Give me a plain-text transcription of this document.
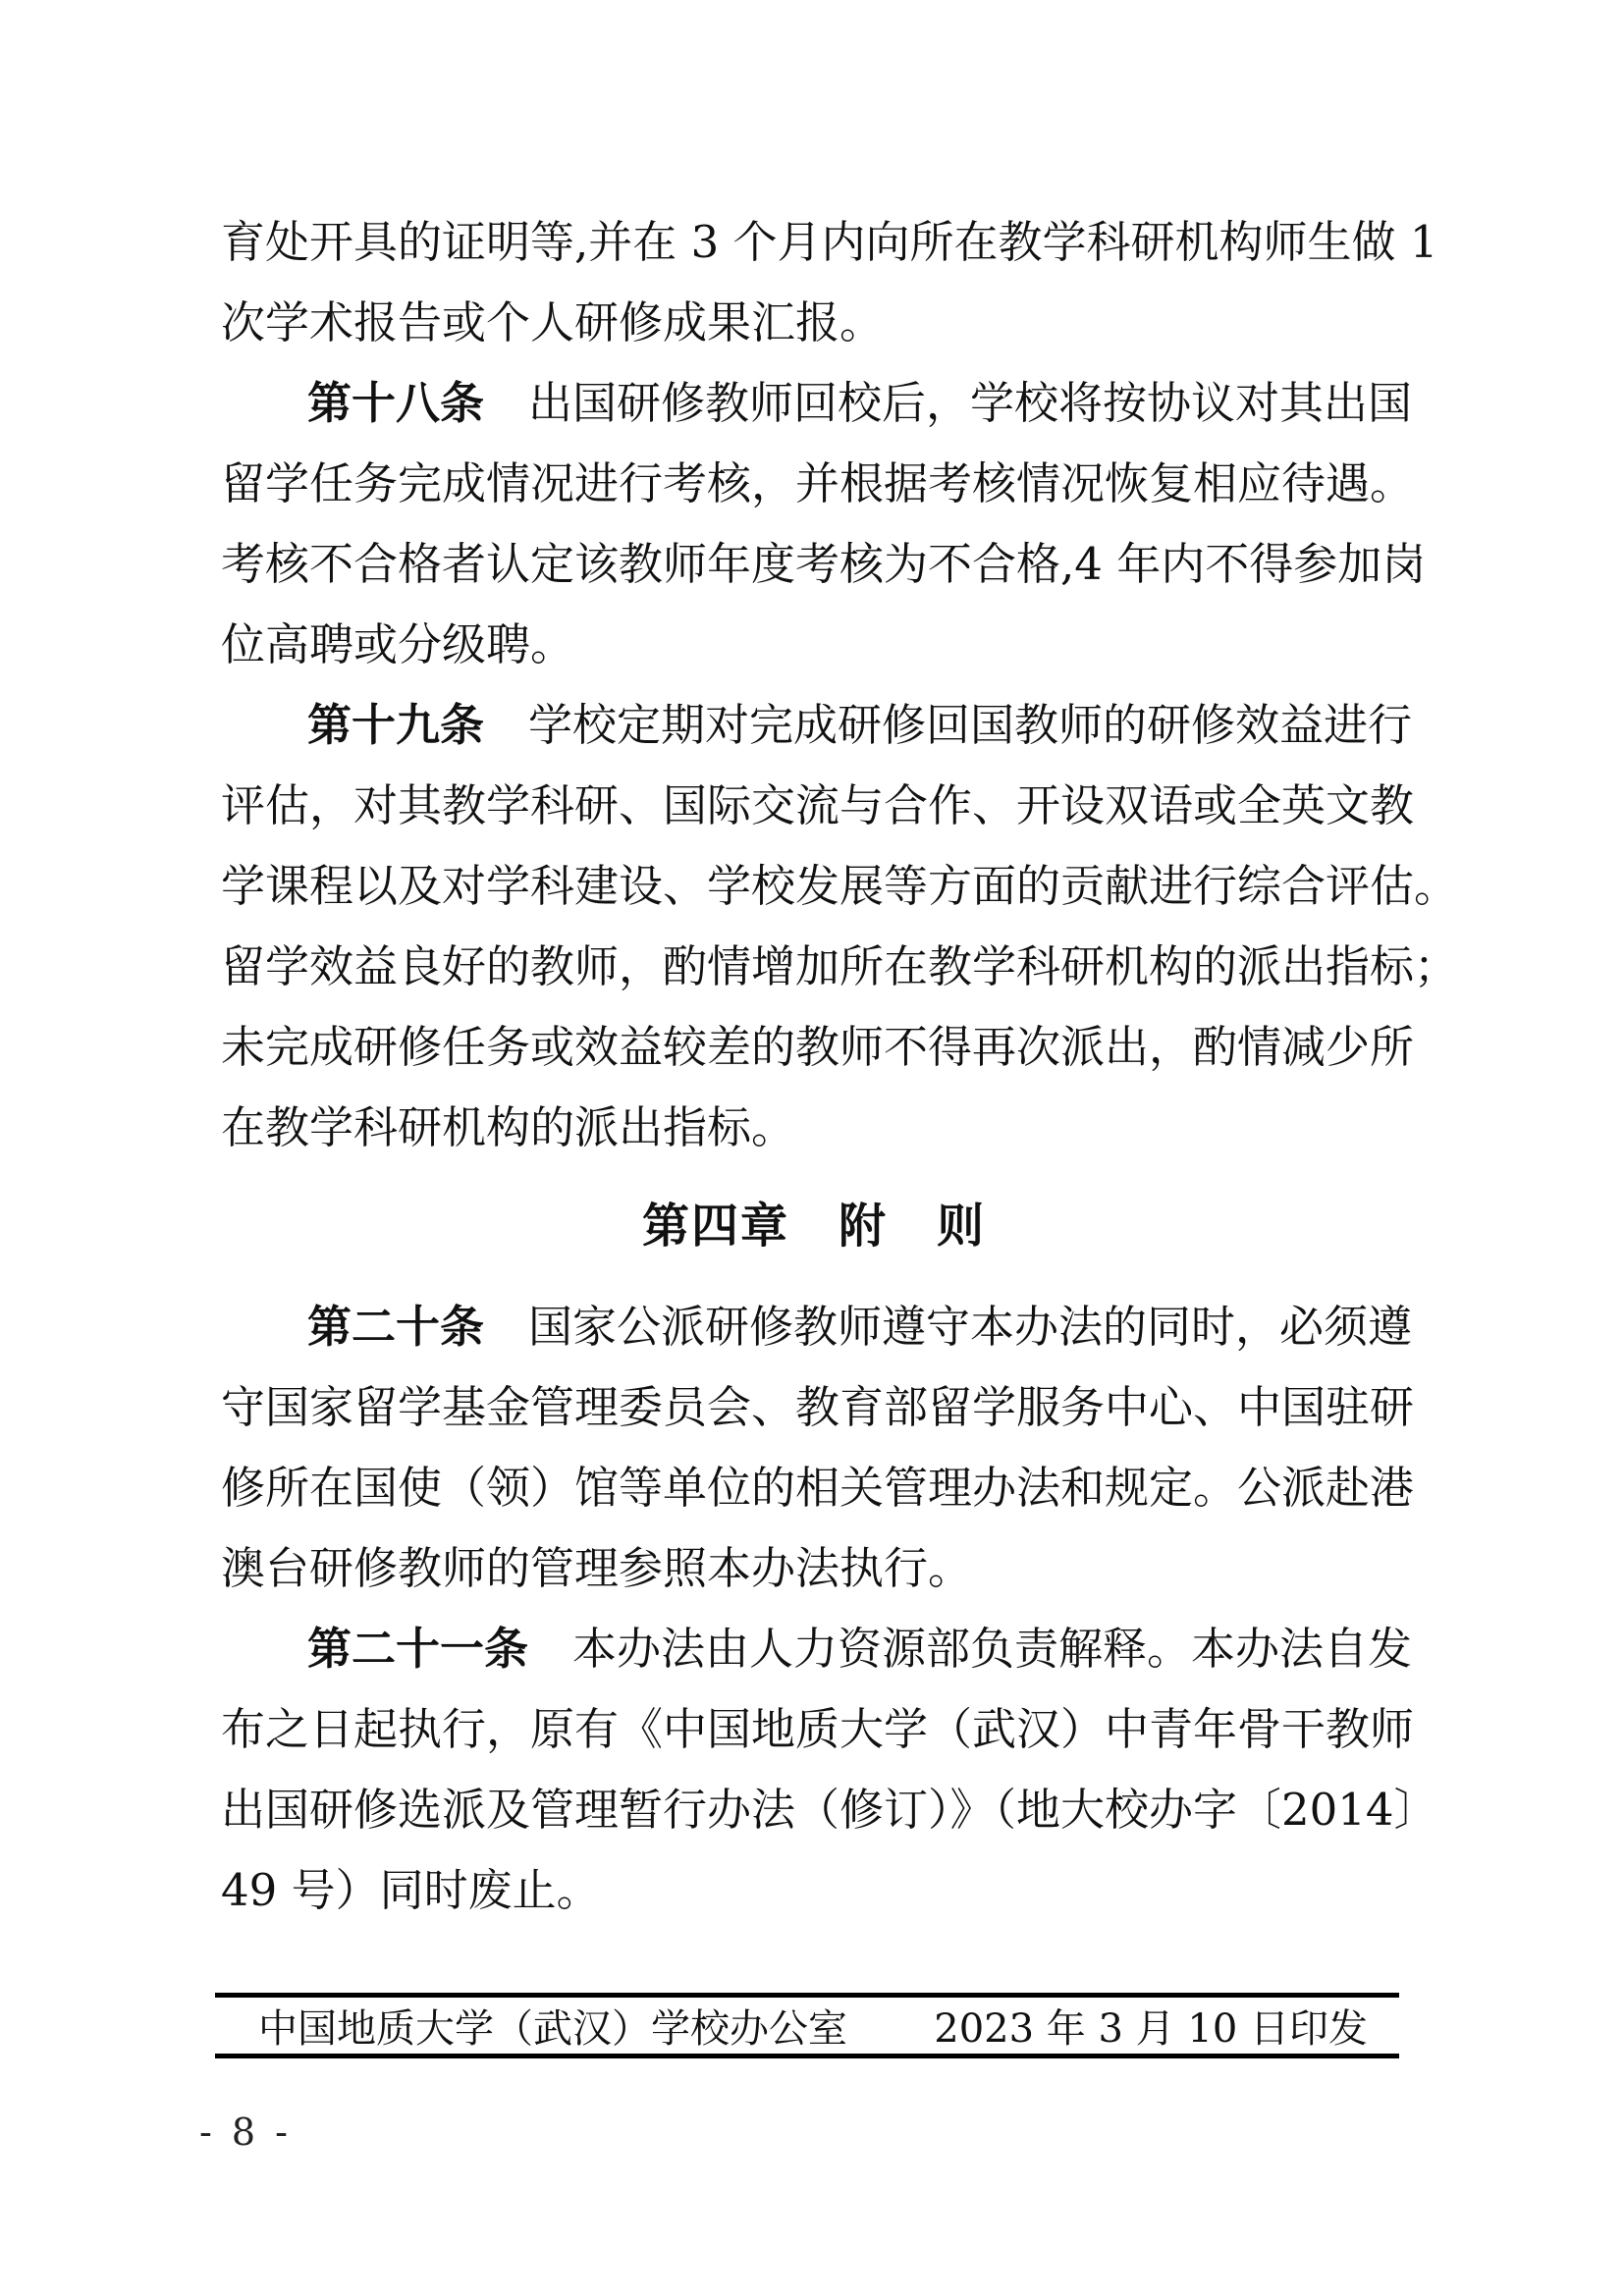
育处开具的证明等,并在 3 个月内向所在教学科研机构师生做 1
次学术报告或个人研修成果汇报。
第十八条　出国研修教师回校后，学校将按协议对其出国
留学任务完成情况进行考核，并根据考核情况恢复相应待遇。
考核不合格者认定该教师年度考核为不合格,4 年内不得参加岗
位高聘或分级聘。
第十九条　学校定期对完成研修回国教师的研修效益进行
评估，对其教学科研、国际交流与合作、开设双语或全英文教
学课程以及对学科建设、学校发展等方面的贡献进行综合评估。
留学效益良好的教师，酌情增加所在教学科研机构的派出指标；
未完成研修任务或效益较差的教师不得再次派出，酌情减少所
在教学科研机构的派出指标。
第四章　附　则
第二十条　国家公派研修教师遵守本办法的同时，必须遵
守国家留学基金管理委员会、教育部留学服务中心、中国驻研
修所在国使（领）馆等单位的相关管理办法和规定。公派赴港
澳台研修教师的管理参照本办法执行。
第二十一条　本办法由人力资源部负责解释。本办法自发
布之日起执行，原有《中国地质大学（武汉）中青年骨干教师
出国研修选派及管理暂行办法（修订）》（地大校办字〔2014〕
49 号）同时废止。
中国地质大学（武汉）学校办公室 2023 年 3 月 10 日印发
- 8 -
